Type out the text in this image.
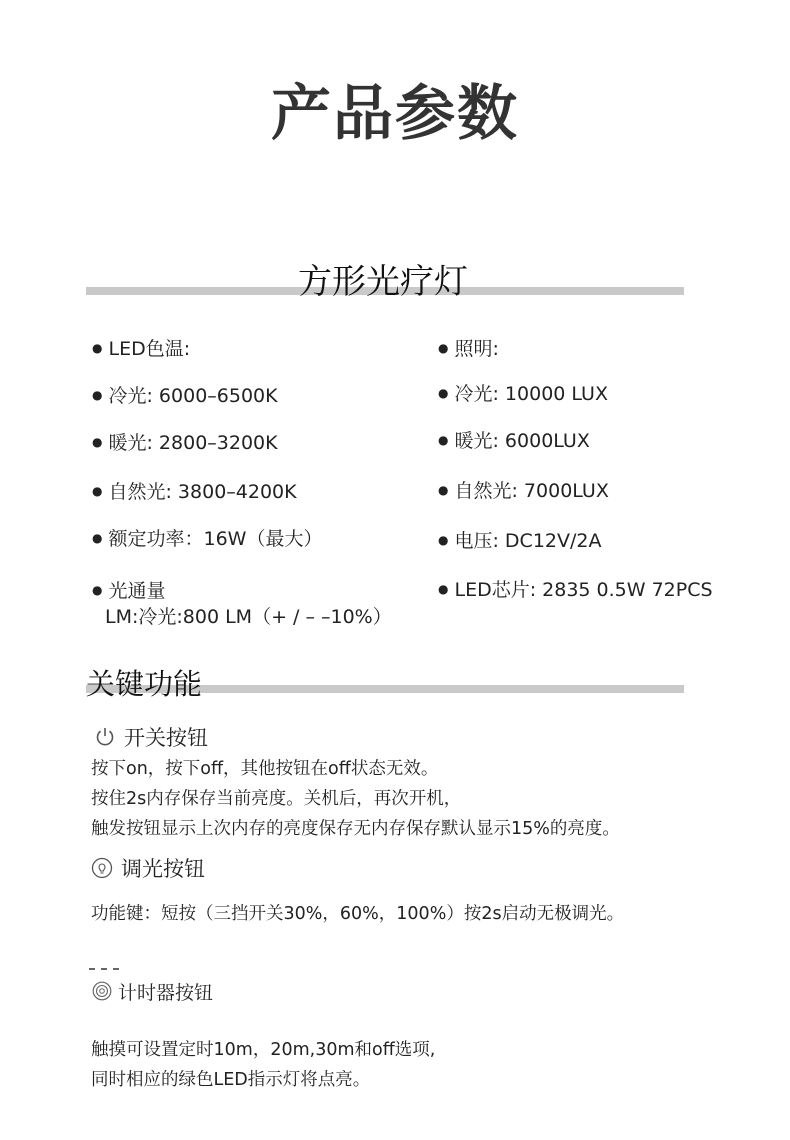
产品参数
方形光疗灯
● LED色温:
● 冷光: 6000–6500K
● 暖光: 2800–3200K
● 自然光: 3800–4200K
● 额定功率：16W（最大）
● 光通量
LM:冷光:800 LM（+ / – –10%）
● 照明:
● 冷光: 10000 LUX
● 暖光: 6000LUX
● 自然光: 7000LUX
● 电压: DC12V/2A
● LED芯片: 2835 0.5W 72PCS
关键功能
开关按钮
按下on，按下off，其他按钮在off状态无效。
按住2s内存保存当前亮度。关机后，再次开机，
触发按钮显示上次内存的亮度保存无内存保存默认显示15%的亮度。
调光按钮
功能键：短按（三挡开关30%，60%，100%）按2s启动无极调光。
计时器按钮
触摸可设置定时10m，20m,30m和off选项,
同时相应的绿色LED指示灯将点亮。
